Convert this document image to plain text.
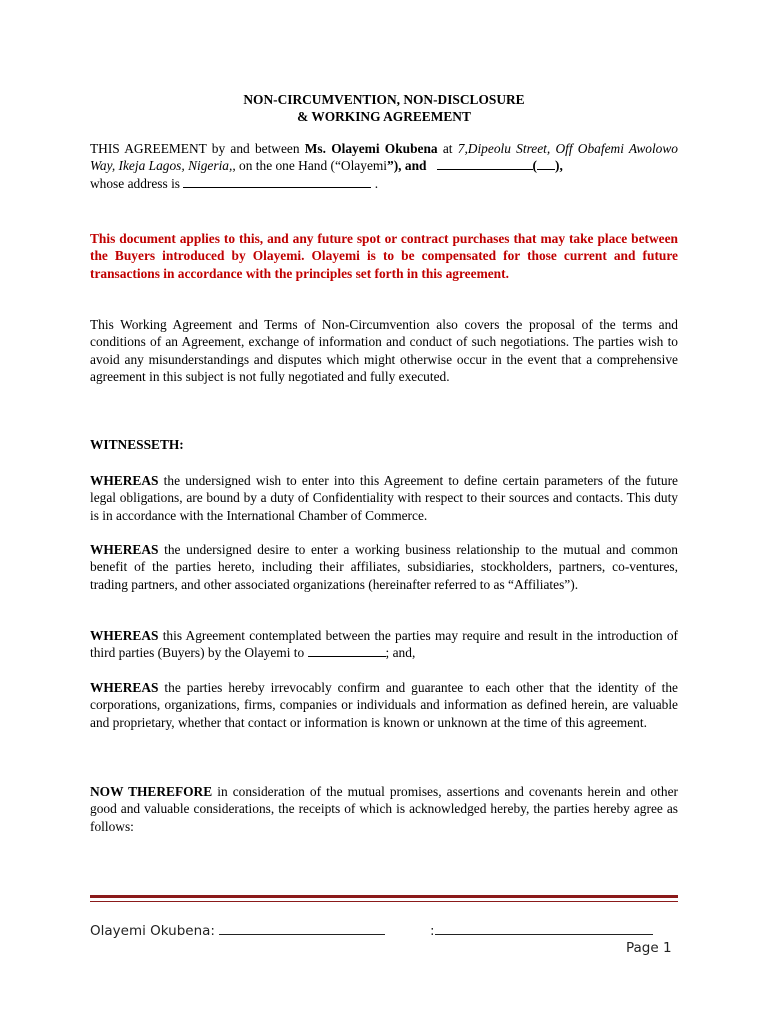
NON-CIRCUMVENTION, NON-DISCLOSURE
& WORKING AGREEMENT
THIS AGREEMENT by and between Ms. Olayemi Okubena at 7,Dipeolu Street, Off Obafemi Awolowo Way, Ikeja Lagos, Nigeria,, on the one Hand (“Olayemi”), and	( ),
whose address is	.
This document applies to this, and any future spot or contract purchases that may take place between the Buyers introduced by Olayemi. Olayemi is to be compensated for those current and future transactions in accordance with the principles set forth in this agreement.
This Working Agreement and Terms of Non-Circumvention also covers the proposal of the terms and conditions of an Agreement, exchange of information and conduct of such negotiations. The parties wish to avoid any misunderstandings and disputes which might otherwise occur in the event that a comprehensive agreement in this subject is not fully negotiated and fully executed.
WITNESSETH:
WHEREAS the undersigned wish to enter into this Agreement to define certain parameters of the future legal obligations, are bound by a duty of Confidentiality with respect to their sources and contacts. This duty is in accordance with the International Chamber of Commerce.
WHEREAS the undersigned desire to enter a working business relationship to the mutual and common benefit of the parties hereto, including their affiliates, subsidiaries, stockholders, partners, co-ventures, trading partners, and other associated organizations (hereinafter referred to as “Affiliates”).
WHEREAS this Agreement contemplated between the parties may require and result in the introduction of third parties (Buyers) by the Olayemi to	; and,
WHEREAS the parties hereby irrevocably confirm and guarantee to each other that the identity of the corporations, organizations, firms, companies or individuals and information as defined herein, are valuable and proprietary, whether that contact or information is known or unknown at the time of this agreement.
NOW THEREFORE in consideration of the mutual promises, assertions and covenants herein and other good and valuable considerations, the receipts of which is acknowledged hereby, the parties hereby agree as follows:
Olayemi Okubena:	:
Page 1
